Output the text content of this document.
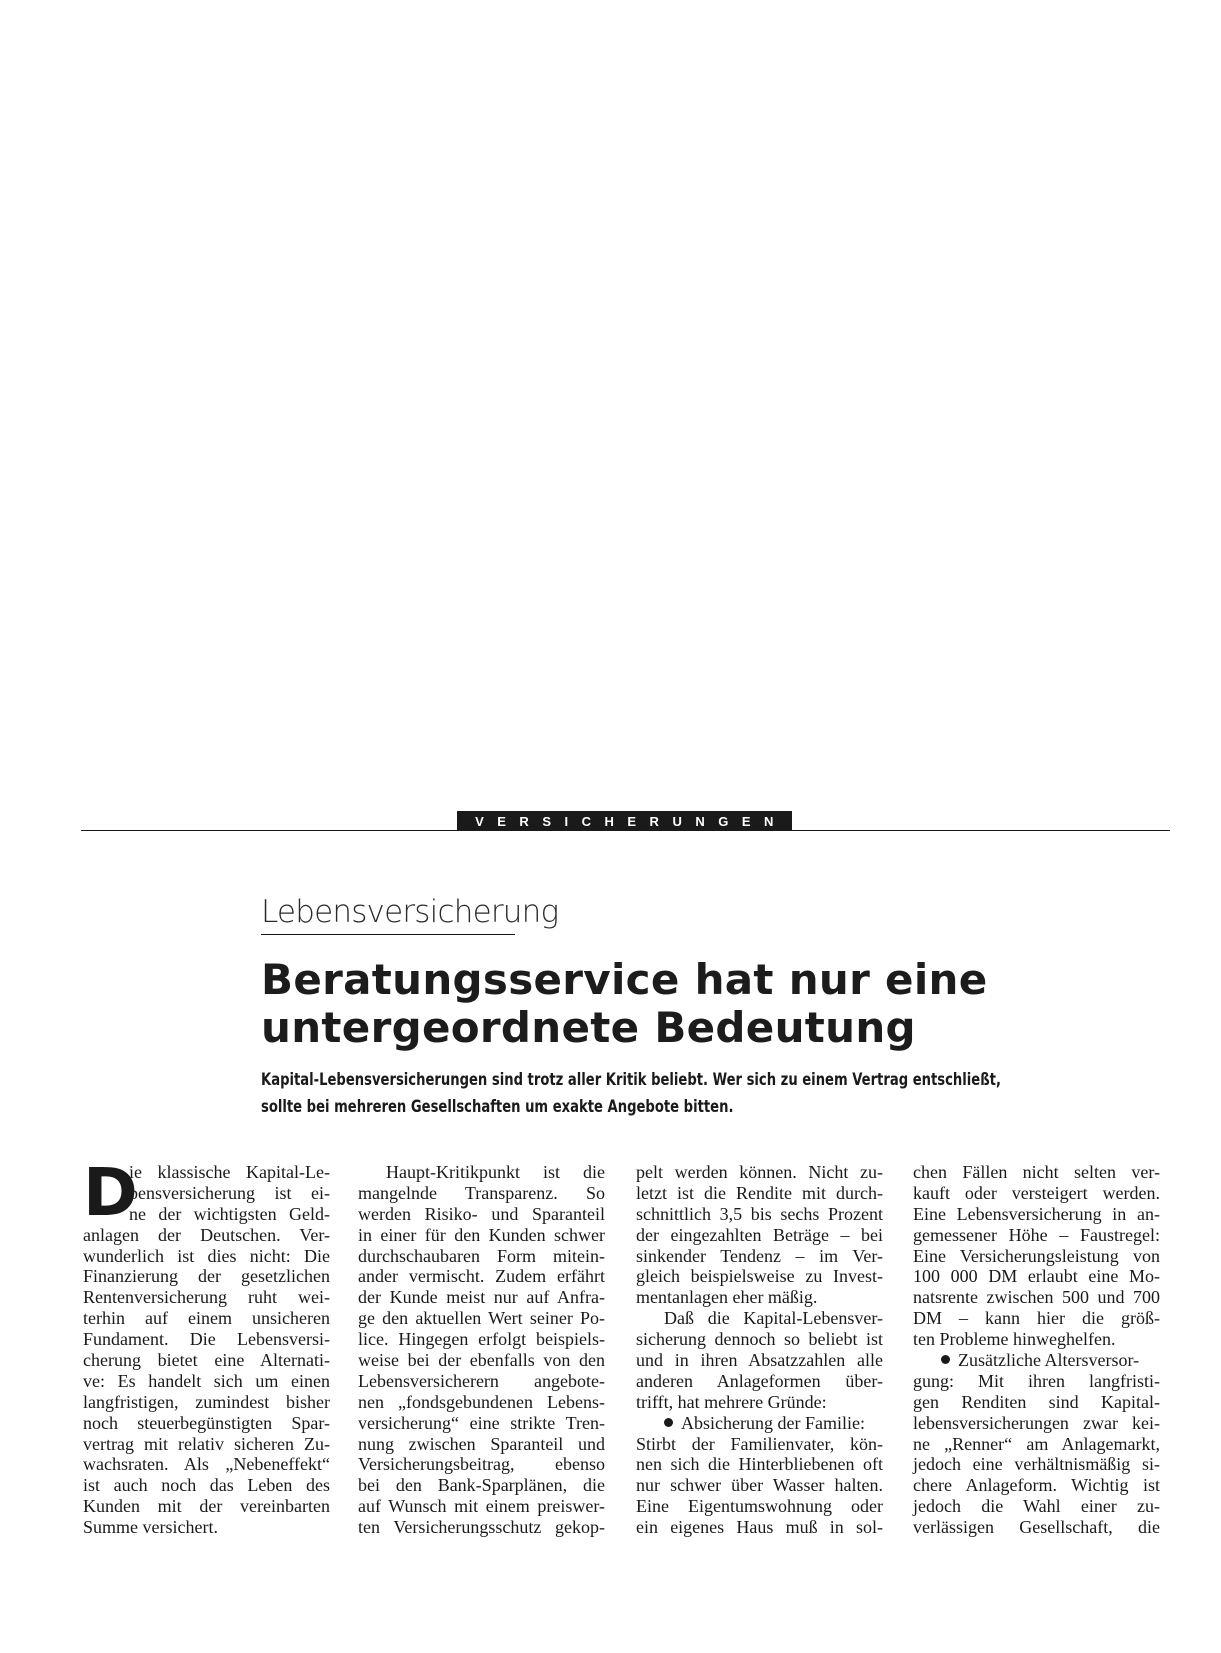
VERSICHERUNGEN
Lebensversicherung
Beratungsservice hat nur eine
untergeordnete Bedeutung

Kapital-Lebensversicherungen sind trotz aller Kritik beliebt. Wer sich zu einem Vertrag entschließt,
sollte bei mehreren Gesellschaften um exakte Angebote bitten.

D
ie klassische Kapital-Le-
bensversicherung ist ei-
ne der wichtigsten Geld-
anlagen der Deutschen. Ver-
wunderlich ist dies nicht: Die
Finanzierung der gesetzlichen
Rentenversicherung ruht wei-
terhin auf einem unsicheren
Fundament. Die Lebensversi-
cherung bietet eine Alternati-
ve: Es handelt sich um einen
langfristigen, zumindest bisher
noch steuerbegünstigten Spar-
vertrag mit relativ sicheren Zu-
wachsraten. Als „Nebeneffekt“
ist auch noch das Leben des
Kunden mit der vereinbarten
Summe versichert.
Haupt-Kritikpunkt ist die
mangelnde Transparenz. So
werden Risiko- und Sparanteil
in einer für den Kunden schwer
durchschaubaren Form mitein-
ander vermischt. Zudem erfährt
der Kunde meist nur auf Anfra-
ge den aktuellen Wert seiner Po-
lice. Hingegen erfolgt beispiels-
weise bei der ebenfalls von den
Lebensversicherern angebote-
nen „fondsgebundenen Lebens-
versicherung“ eine strikte Tren-
nung zwischen Sparanteil und
Versicherungsbeitrag, ebenso
bei den Bank-Sparplänen, die
auf Wunsch mit einem preiswer-
ten Versicherungsschutz gekop-
pelt werden können. Nicht zu-
letzt ist die Rendite mit durch-
schnittlich 3,5 bis sechs Prozent
der eingezahlten Beträge – bei
sinkender Tendenz – im Ver-
gleich beispielsweise zu Invest-
mentanlagen eher mäßig.
Daß die Kapital-Lebensver-
sicherung dennoch so beliebt ist
und in ihren Absatzzahlen alle
anderen Anlageformen über-
trifft, hat mehrere Gründe:
Absicherung der Familie:
Stirbt der Familienvater, kön-
nen sich die Hinterbliebenen oft
nur schwer über Wasser halten.
Eine Eigentumswohnung oder
ein eigenes Haus muß in sol-
chen Fällen nicht selten ver-
kauft oder versteigert werden.
Eine Lebensversicherung in an-
gemessener Höhe – Faustregel:
Eine Versicherungsleistung von
100 000 DM erlaubt eine Mo-
natsrente zwischen 500 und 700
DM – kann hier die größ-
ten Probleme hinweghelfen.
Zusätzliche Altersversor-
gung: Mit ihren langfristi-
gen Renditen sind Kapital-
lebensversicherungen zwar kei-
ne „Renner“ am Anlagemarkt,
jedoch eine verhältnismäßig si-
chere Anlageform. Wichtig ist
jedoch die Wahl einer zu-
verlässigen Gesellschaft, die
